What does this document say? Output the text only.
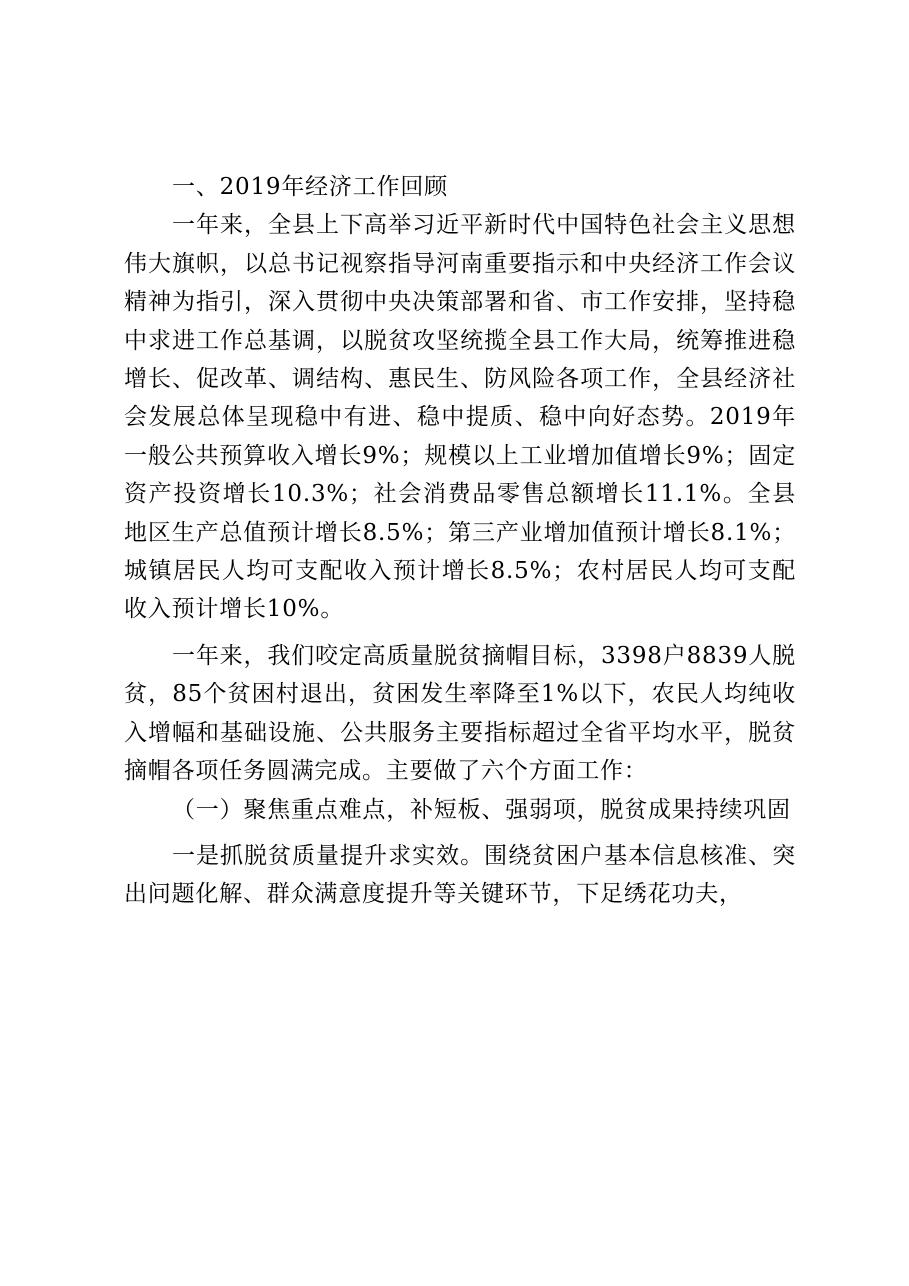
一、2019年经济工作回顾

一年来，全县上下高举习近平新时代中国特色社会主义思想伟大旗帜，以总书记视察指导河南重要指示和中央经济工作会议精神为指引，深入贯彻中央决策部署和省、市工作安排，坚持稳中求进工作总基调，以脱贫攻坚统揽全县工作大局，统筹推进稳增长、促改革、调结构、惠民生、防风险各项工作，全县经济社会发展总体呈现稳中有进、稳中提质、稳中向好态势。2019年一般公共预算收入增长9%；规模以上工业增加值增长9%；固定资产投资增长10.3%；社会消费品零售总额增长11.1%。全县地区生产总值预计增长8.5%；第三产业增加值预计增长8.1%；城镇居民人均可支配收入预计增长8.5%；农村居民人均可支配收入预计增长10%。

一年来，我们咬定高质量脱贫摘帽目标，3398户8839人脱贫，85个贫困村退出，贫困发生率降至1%以下，农民人均纯收入增幅和基础设施、公共服务主要指标超过全省平均水平，脱贫摘帽各项任务圆满完成。主要做了六个方面工作：

（一）聚焦重点难点，补短板、强弱项，脱贫成果持续巩固

一是抓脱贫质量提升求实效。围绕贫困户基本信息核准、突出问题化解、群众满意度提升等关键环节，下足绣花功夫，
